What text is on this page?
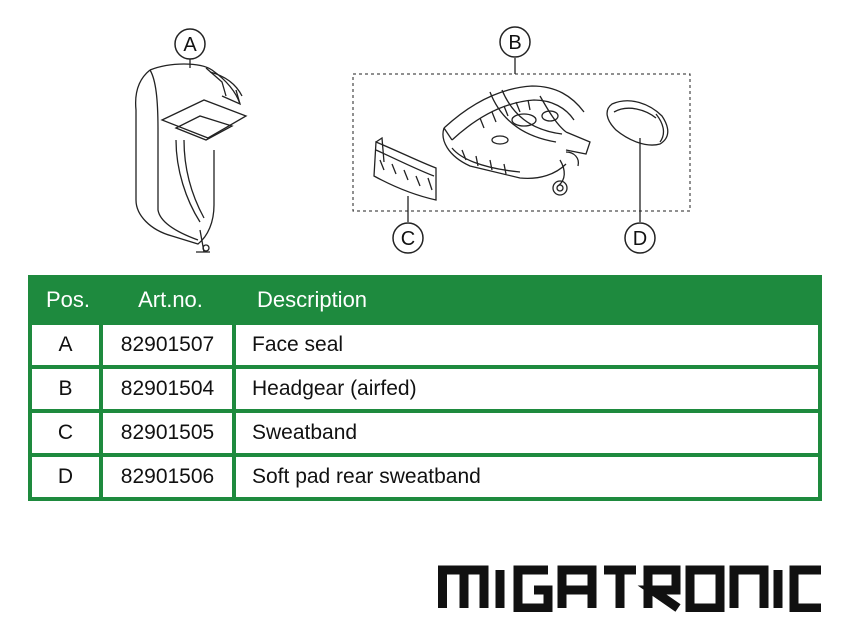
A	B
C	D
Pos.	Art.no.	Description
A	82901507	Face seal
B	82901504	Headgear (airfed)
C	82901505	Sweatband
D	82901506	Soft pad rear sweatband
